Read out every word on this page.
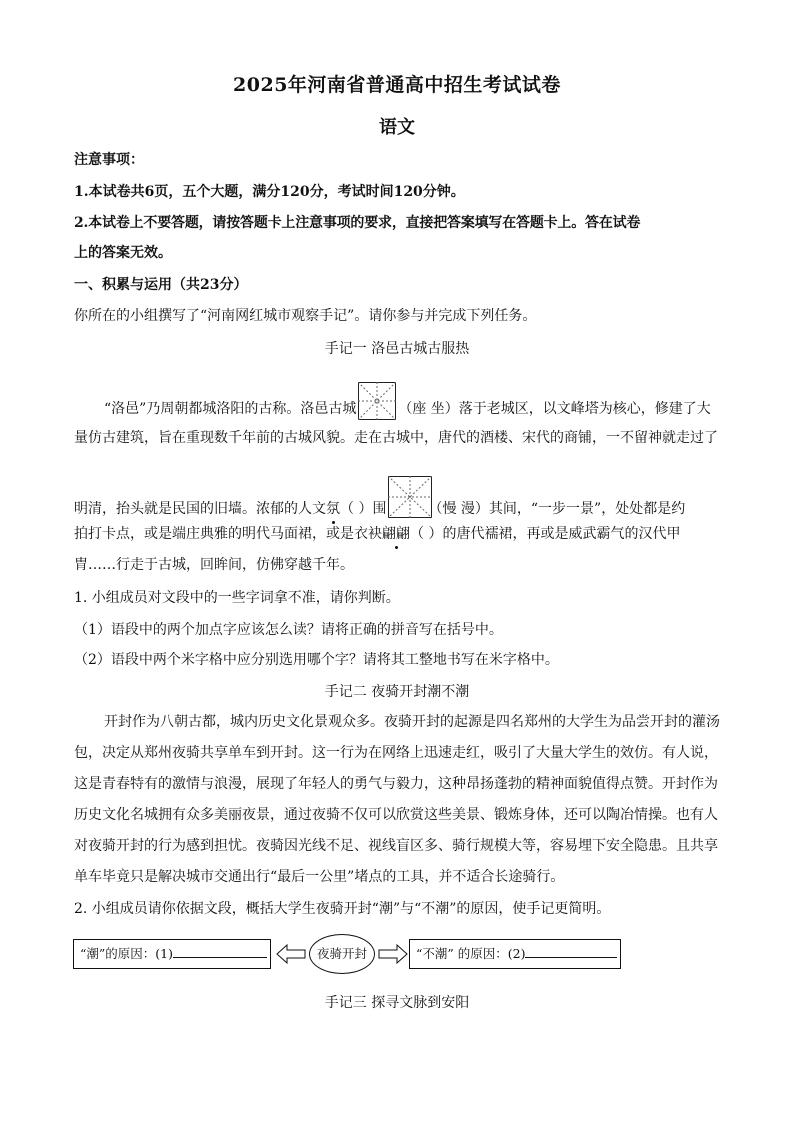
2025年河南省普通高中招生考试试卷
语文
注意事项：
1.本试卷共6页，五个大题，满分120分，考试时间120分钟。
2.本试卷上不要答题，请按答题卡上注意事项的要求，直接把答案填写在答题卡上。答在试卷
上的答案无效。
一、积累与运用（共23分）
你所在的小组撰写了“河南网红城市观察手记”。请你参与并完成下列任务。
手记一 洛邑古城古服热
“洛邑”乃周朝都城洛阳的古称。洛邑古城	（座 坐）落于老城区，以文峰塔为核心，修建了大
量仿古建筑，旨在重现数千年前的古城风貌。走在古城中，唐代的酒楼、宋代的商铺，一不留神就走过了
明清，抬头就是民国的旧墙。浓郁的人文氛（ ）围	（慢 漫）其间，“一步一景”，处处都是约
拍打卡点，或是端庄典雅的明代马面裙，或是衣袂翩翩（ ）的唐代襦裙，再或是威武霸气的汉代甲
胄……行走于古城，回眸间，仿佛穿越千年。
1. 小组成员对文段中的一些字词拿不准，请你判断。
（1）语段中的两个加点字应该怎么读？请将正确的拼音写在括号中。
（2）语段中两个米字格中应分别选用哪个字？请将其工整地书写在米字格中。
手记二 夜骑开封潮不潮
开封作为八朝古都，城内历史文化景观众多。夜骑开封的起源是四名郑州的大学生为品尝开封的灌汤
包，决定从郑州夜骑共享单车到开封。这一行为在网络上迅速走红，吸引了大量大学生的效仿。有人说，
这是青春特有的激情与浪漫，展现了年轻人的勇气与毅力，这种昂扬蓬勃的精神面貌值得点赞。开封作为
历史文化名城拥有众多美丽夜景，通过夜骑不仅可以欣赏这些美景、锻炼身体，还可以陶冶情操。也有人
对夜骑开封的行为感到担忧。夜骑因光线不足、视线盲区多、骑行规模大等，容易埋下安全隐患。且共享
单车毕竟只是解决城市交通出行“最后一公里”堵点的工具，并不适合长途骑行。
2. 小组成员请你依据文段，概括大学生夜骑开封“潮”与“不潮”的原因，使手记更简明。
“潮”的原因：(1)	夜骑开封	“不潮” 的原因：(2)
手记三 探寻文脉到安阳
